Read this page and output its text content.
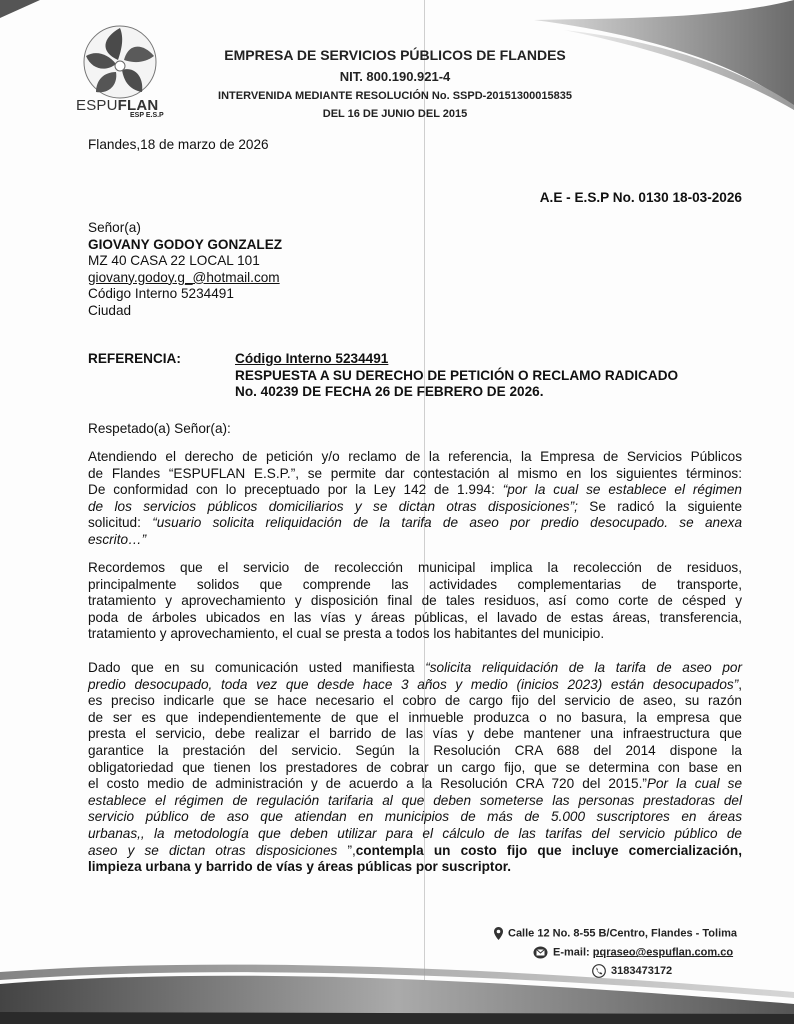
ESPUFLAN
ESP E.S.P
EMPRESA DE SERVICIOS PÚBLICOS DE FLANDES
NIT. 800.190.921-4
INTERVENIDA MEDIANTE RESOLUCIÓN No. SSPD-20151300015835
DEL 16 DE JUNIO DEL 2015
Flandes,18 de marzo de 2026
A.E - E.S.P No. 0130 18-03-2026
Señor(a)
GIOVANY GODOY GONZALEZ
MZ 40 CASA 22 LOCAL 101
giovany.godoy.g_@hotmail.com
Código Interno 5234491
Ciudad
REFERENCIA:	Código Interno 5234491
RESPUESTA A SU DERECHO DE PETICIÓN O RECLAMO RADICADO
No. 40239 DE FECHA 26 DE FEBRERO DE 2026.
Respetado(a) Señor(a):
Atendiendo el derecho de petición y/o reclamo de la referencia, la Empresa de Servicios Públicos
de Flandes “ESPUFLAN E.S.P.”, se permite dar contestación al mismo en los siguientes términos:
De conformidad con lo preceptuado por la Ley 142 de 1.994: “por la cual se establece el régimen
de los servicios públicos domiciliarios y se dictan otras disposiciones”; Se radicó la siguiente
solicitud: “usuario solicita reliquidación de la tarifa de aseo por predio desocupado. se anexa
escrito…”
Recordemos que el servicio de recolección municipal implica la recolección de residuos,
principalmente solidos que comprende las actividades complementarias de transporte,
tratamiento y aprovechamiento y disposición final de tales residuos, así como corte de césped y
poda de árboles ubicados en las vías y áreas públicas, el lavado de estas áreas, transferencia,
tratamiento y aprovechamiento, el cual se presta a todos los habitantes del municipio.
Dado que en su comunicación usted manifiesta “solicita reliquidación de la tarifa de aseo por
predio desocupado, toda vez que desde hace 3 años y medio (inicios 2023) están desocupados”,
es preciso indicarle que se hace necesario el cobro de cargo fijo del servicio de aseo, su razón
de ser es que independientemente de que el inmueble produzca o no basura, la empresa que
presta el servicio, debe realizar el barrido de las vías y debe mantener una infraestructura que
garantice la prestación del servicio. Según la Resolución CRA 688 del 2014 dispone la
obligatoriedad que tienen los prestadores de cobrar un cargo fijo, que se determina con base en
el costo medio de administración y de acuerdo a la Resolución CRA 720 del 2015.”Por la cual se
establece el régimen de regulación tarifaria al que deben someterse las personas prestadoras del
servicio público de aso que atiendan en municipios de más de 5.000 suscriptores en áreas
urbanas,, la metodología que deben utilizar para el cálculo de las tarifas del servicio público de
aseo y se dictan otras disposiciones ”,contempla un costo fijo que incluye comercialización,
limpieza urbana y barrido de vías y áreas públicas por suscriptor.
Calle 12 No. 8-55 B/Centro, Flandes - Tolima
E-mail: pqraseo@espuflan.com.co
3183473172
